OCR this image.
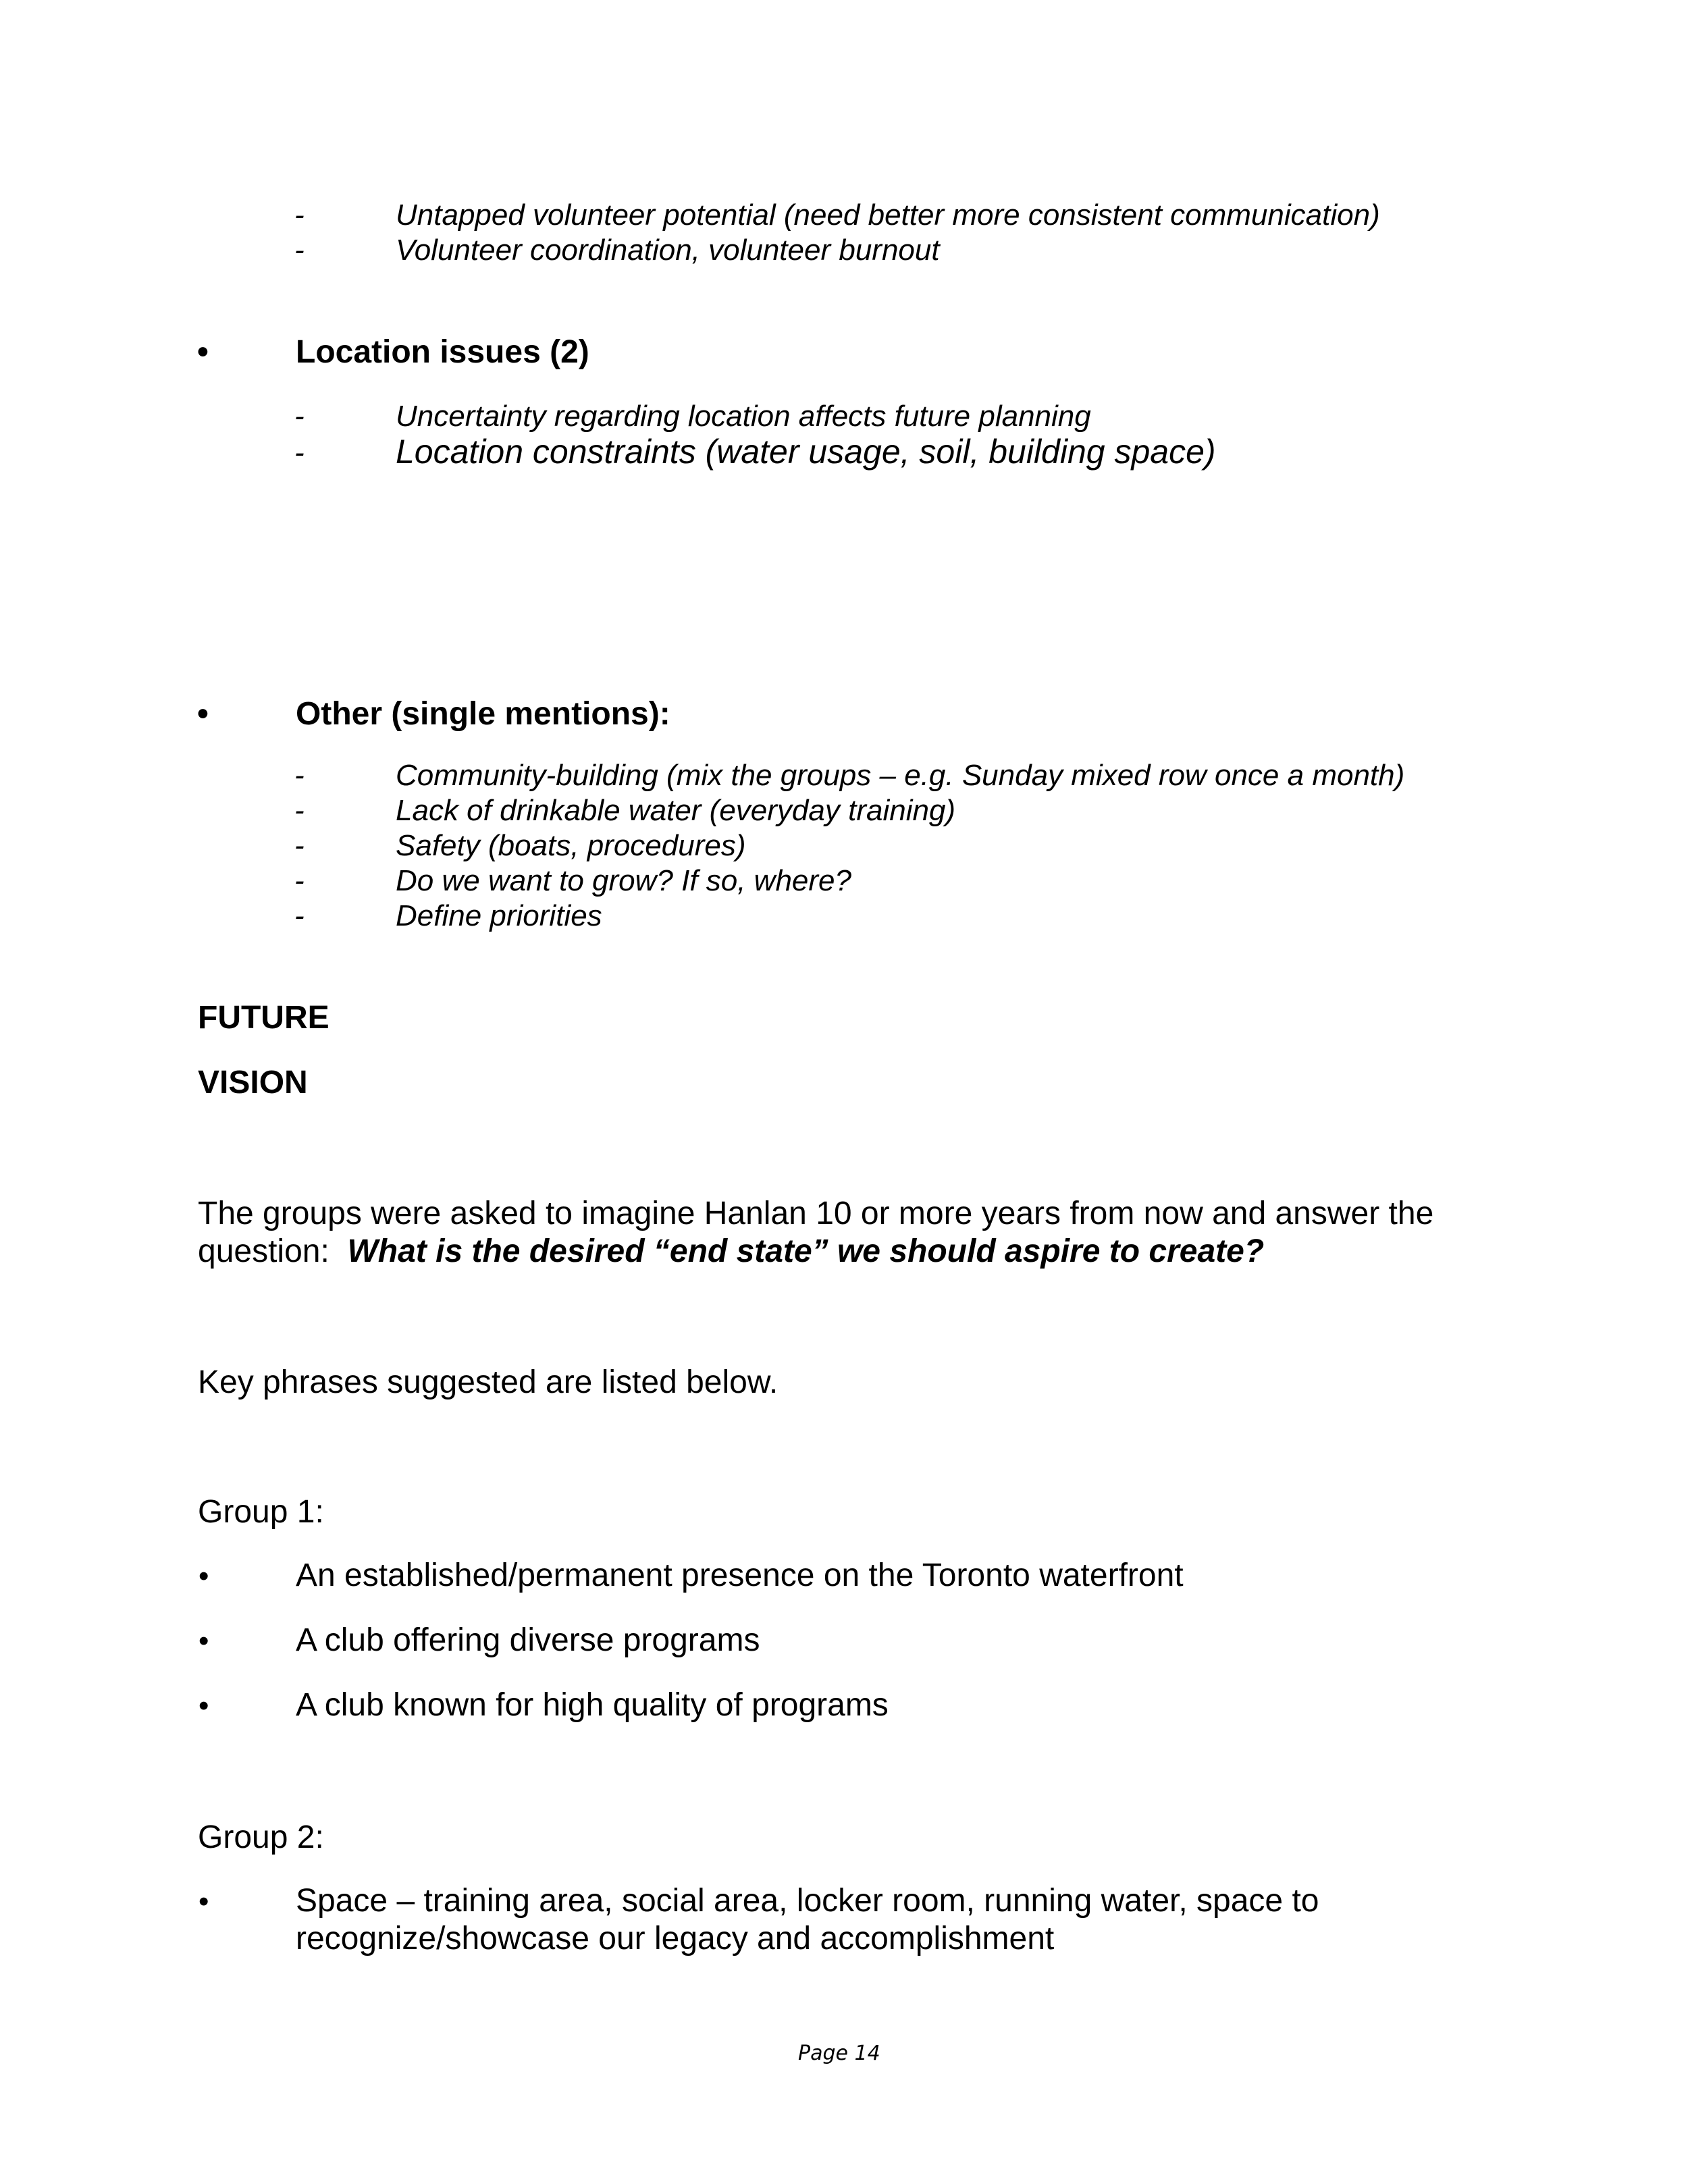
-	Untapped volunteer potential (need better more consistent communication)
-	Volunteer coordination, volunteer burnout
•	Location issues (2)
-	Uncertainty regarding location affects future planning
-	Location constraints (water usage, soil, building space)
•	Other (single mentions):
-	Community-building (mix the groups – e.g. Sunday mixed row once a month)
-	Lack of drinkable water (everyday training)
-	Safety (boats, procedures)
-	Do we want to grow? If so, where?
-	Define priorities
FUTURE
VISION
The groups were asked to imagine Hanlan 10 or more years from now and answer the
question:  What is the desired “end state” we should aspire to create?
Key phrases suggested are listed below.
Group 1:
•	An established/permanent presence on the Toronto waterfront
•	A club offering diverse programs
•	A club known for high quality of programs
Group 2:
•	Space – training area, social area, locker room, running water, space to
recognize/showcase our legacy and accomplishment
Page 14
